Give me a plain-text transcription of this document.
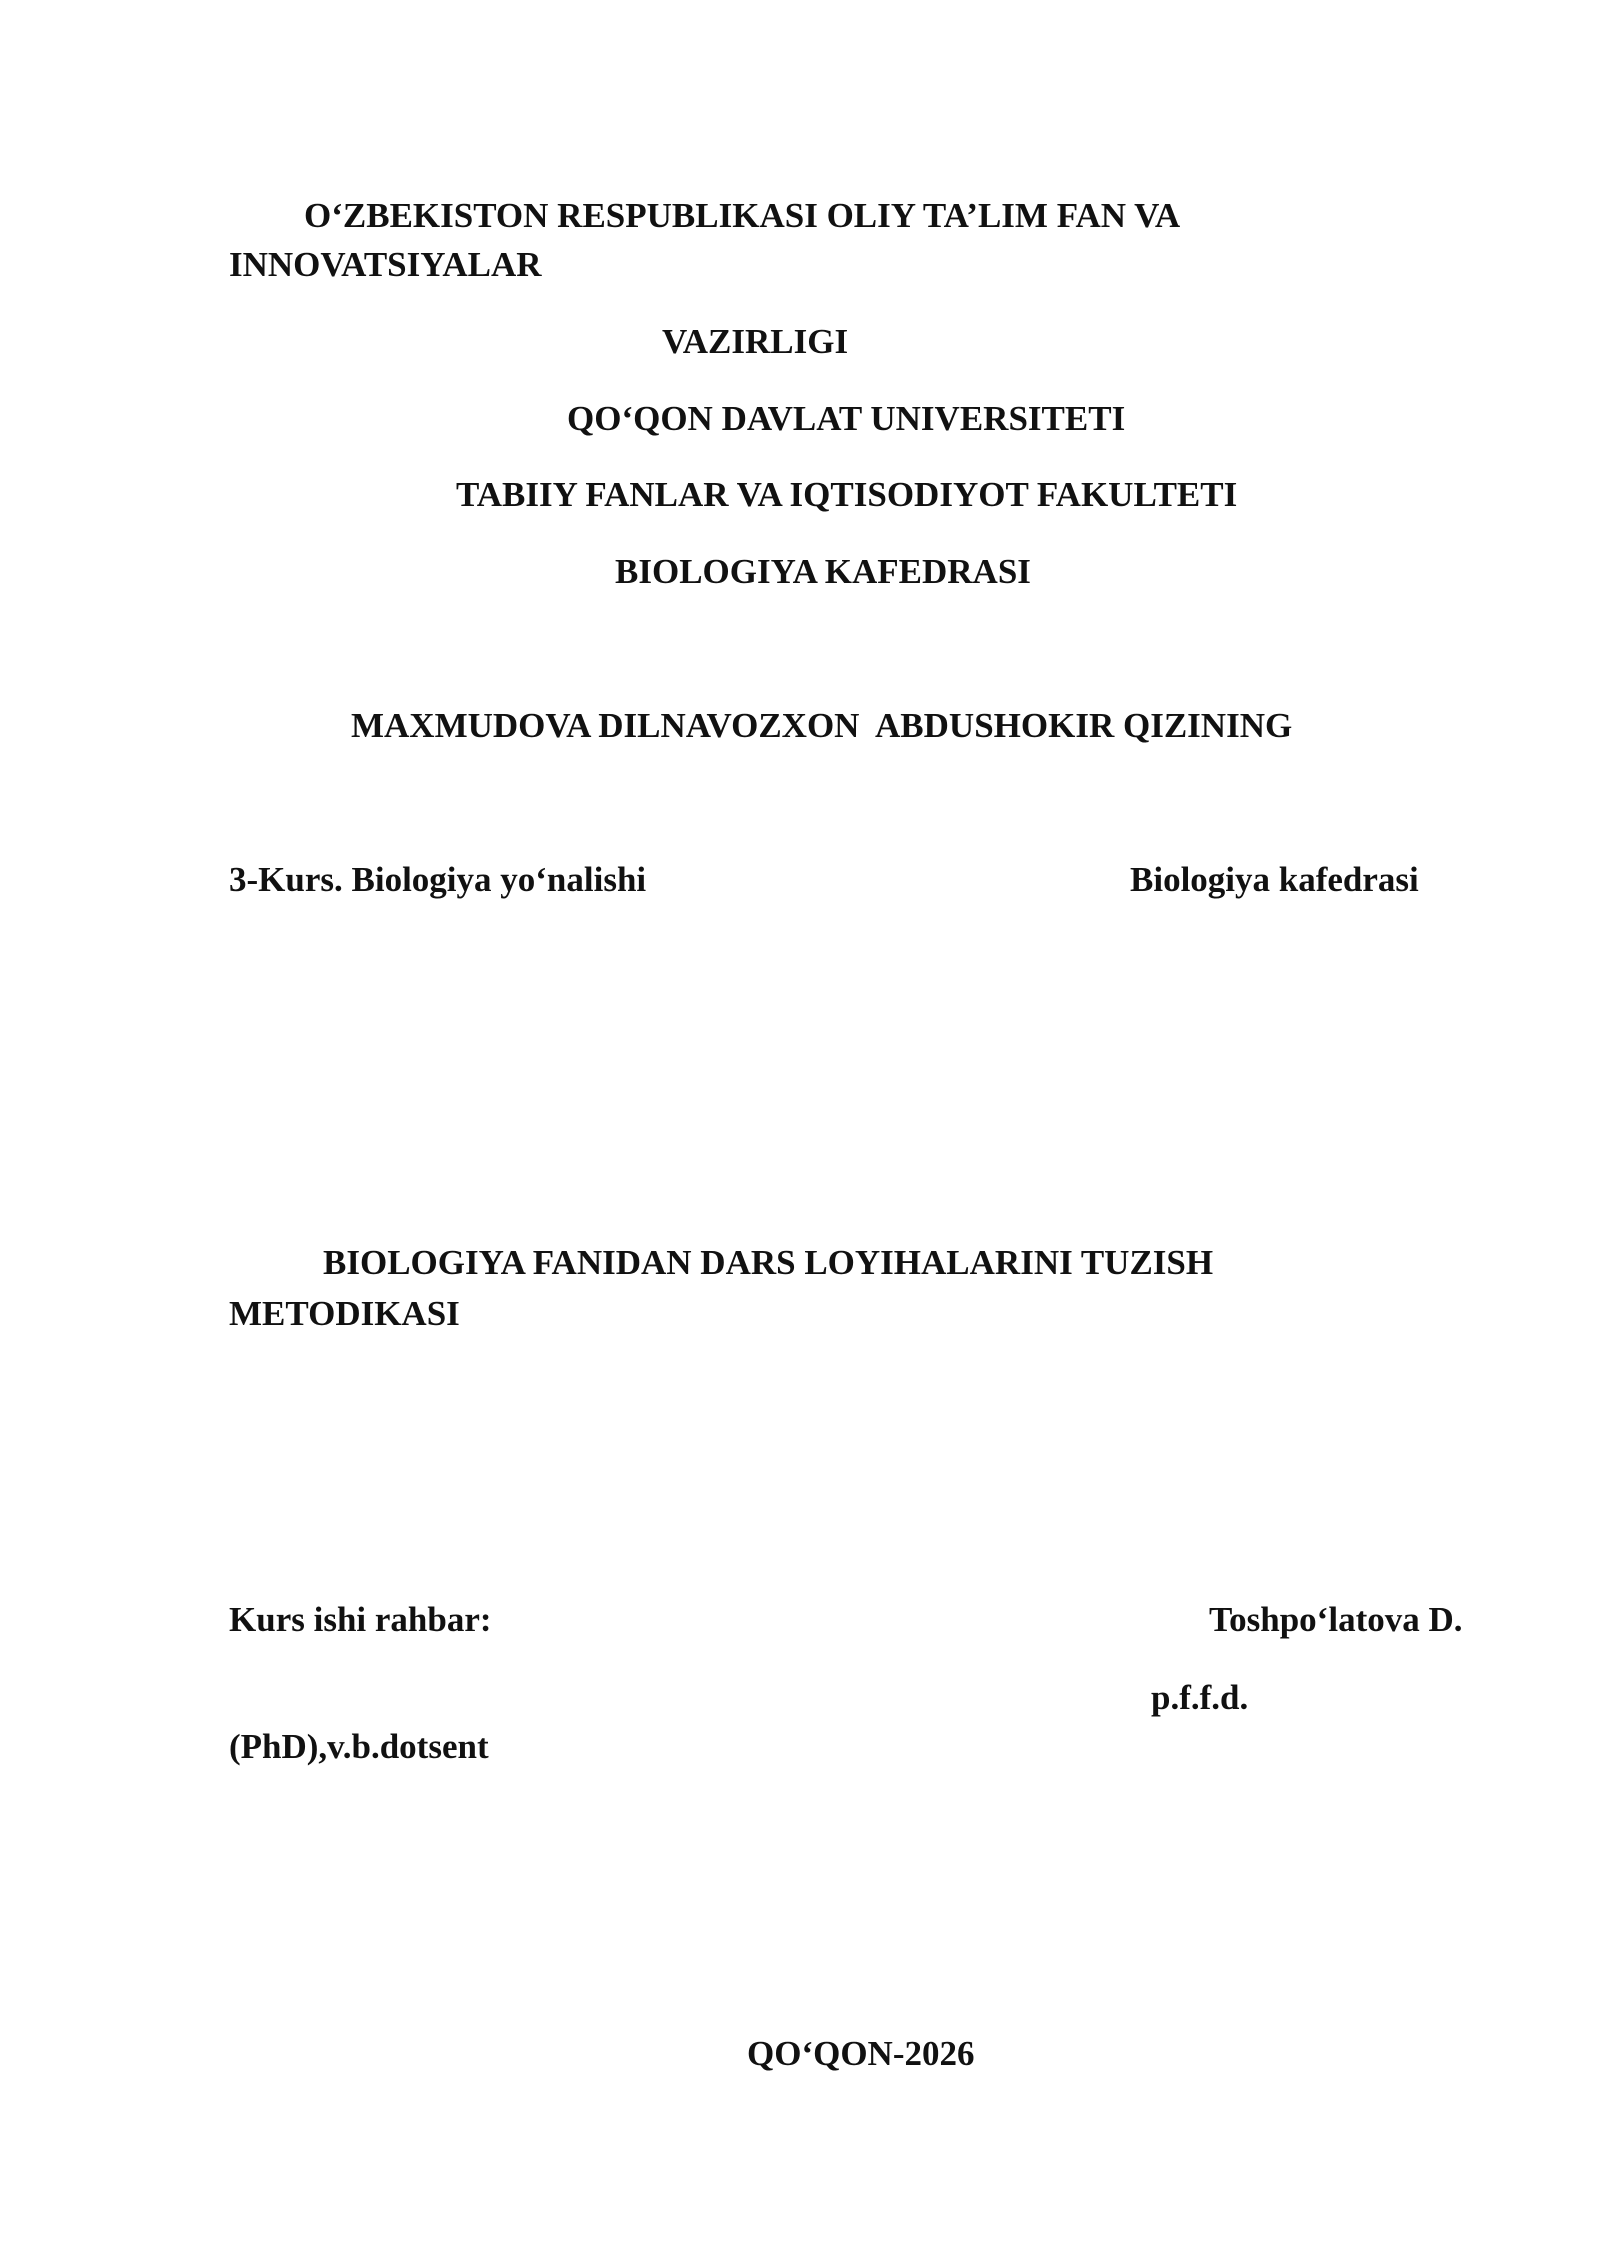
O‘ZBEKISTON RESPUBLIKASI OLIY TA’LIM FAN VA
INNOVATSIYALAR
VAZIRLIGI
QO‘QON DAVLAT UNIVERSITETI
TABIIY FANLAR VA IQTISODIYOT FAKULTETI
BIOLOGIYA KAFEDRASI
MAXMUDOVA DILNAVOZXON  ABDUSHOKIR QIZINING
3-Kurs. Biologiya yo‘nalishi	Biologiya kafedrasi
BIOLOGIYA FANIDAN DARS LOYIHALARINI TUZISH
METODIKASI
Kurs ishi rahbar:	Toshpo‘latova D.
p.f.f.d.
(PhD),v.b.dotsent
QO‘QON-2026
